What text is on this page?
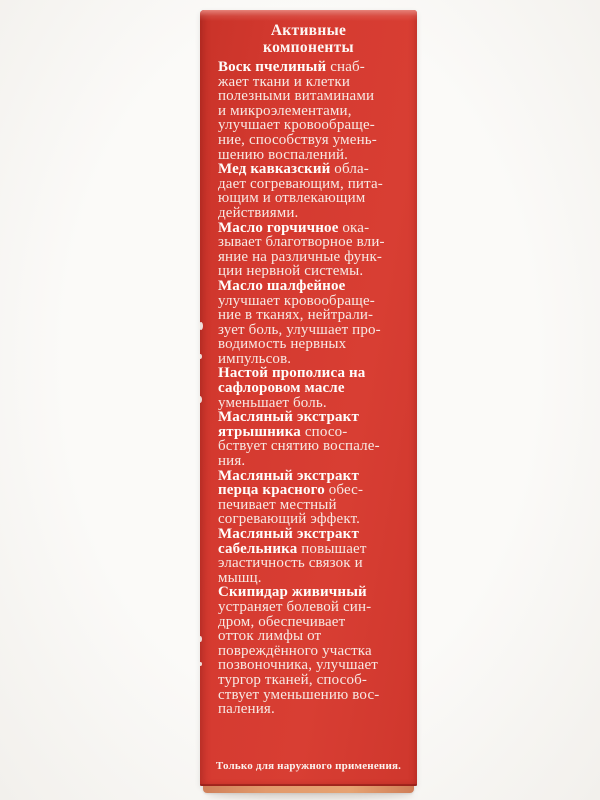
Активные
компоненты
Воск пчелиный снаб-
жает ткани и клетки
полезными витаминами
и микроэлементами,
улучшает кровообраще-
ние, способствуя умень-
шению воспалений.
Мед кавказский обла-
дает согревающим, пита-
ющим и отвлекающим
действиями.
Масло горчичное ока-
зывает благотворное вли-
яние на различные функ-
ции нервной системы.
Масло шалфейное
улучшает кровообраще-
ние в тканях, нейтрали-
зует боль, улучшает про-
водимость нервных
импульсов.
Настой прополиса на
сафлоровом масле
уменьшает боль.
Масляный экстракт
ятрышника спосо-
бствует снятию воспале-
ния.
Масляный экстракт
перца красного обес-
печивает местный
согревающий эффект.
Масляный экстракт
сабельника повышает
эластичность связок и
мышц.
Скипидар живичный
устраняет болевой син-
дром, обеспечивает
отток лимфы от
повреждённого участка
позвоночника, улучшает
тургор тканей, способ-
ствует уменьшению вос-
паления.
Только для наружного применения.
